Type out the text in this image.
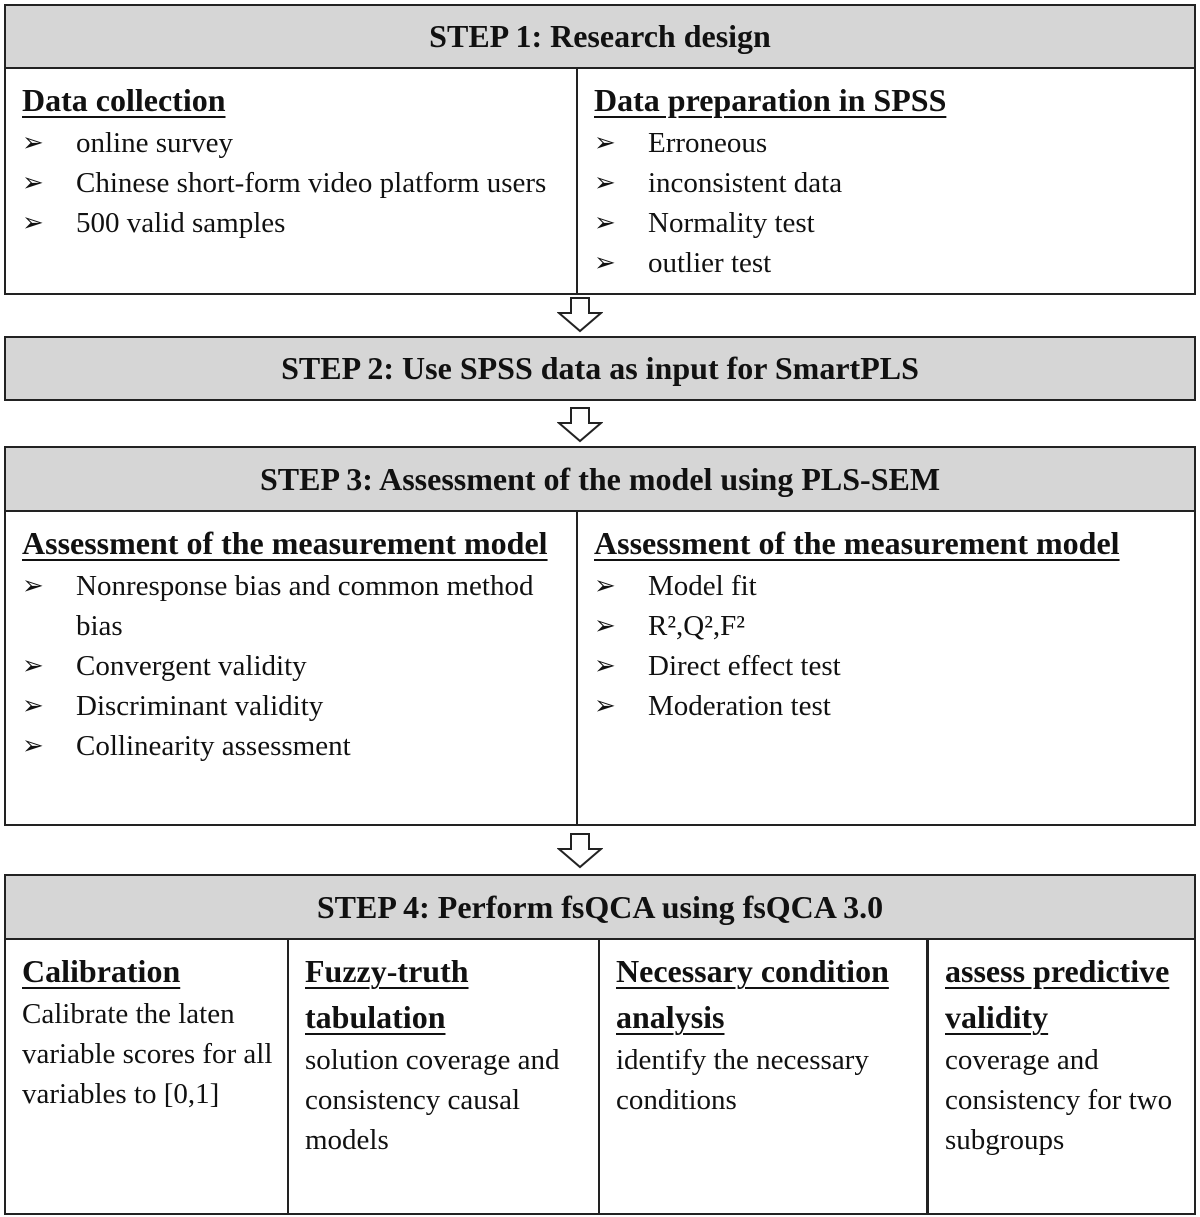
STEP 1: Research design
Data collection
➢ online survey
➢ Chinese short-form video platform users
➢ 500 valid samples
Data preparation in SPSS
➢ Erroneous
➢ inconsistent data
➢ Normality test
➢ outlier test
STEP 2: Use SPSS data as input for SmartPLS
STEP 3: Assessment of the model using PLS-SEM
Assessment of the measurement model
➢ Nonresponse bias and common method bias
➢ Convergent validity
➢ Discriminant validity
➢ Collinearity assessment
Assessment of the measurement model
➢ Model fit
➢ R²,Q²,F²
➢ Direct effect test
➢ Moderation test
STEP 4: Perform fsQCA using fsQCA 3.0
Calibration
Calibrate the laten variable scores for all variables to [0,1]
Fuzzy-truth tabulation
solution coverage and consistency causal models
Necessary condition analysis
identify the necessary conditions
assess predictive validity
coverage and consistency for two subgroups
